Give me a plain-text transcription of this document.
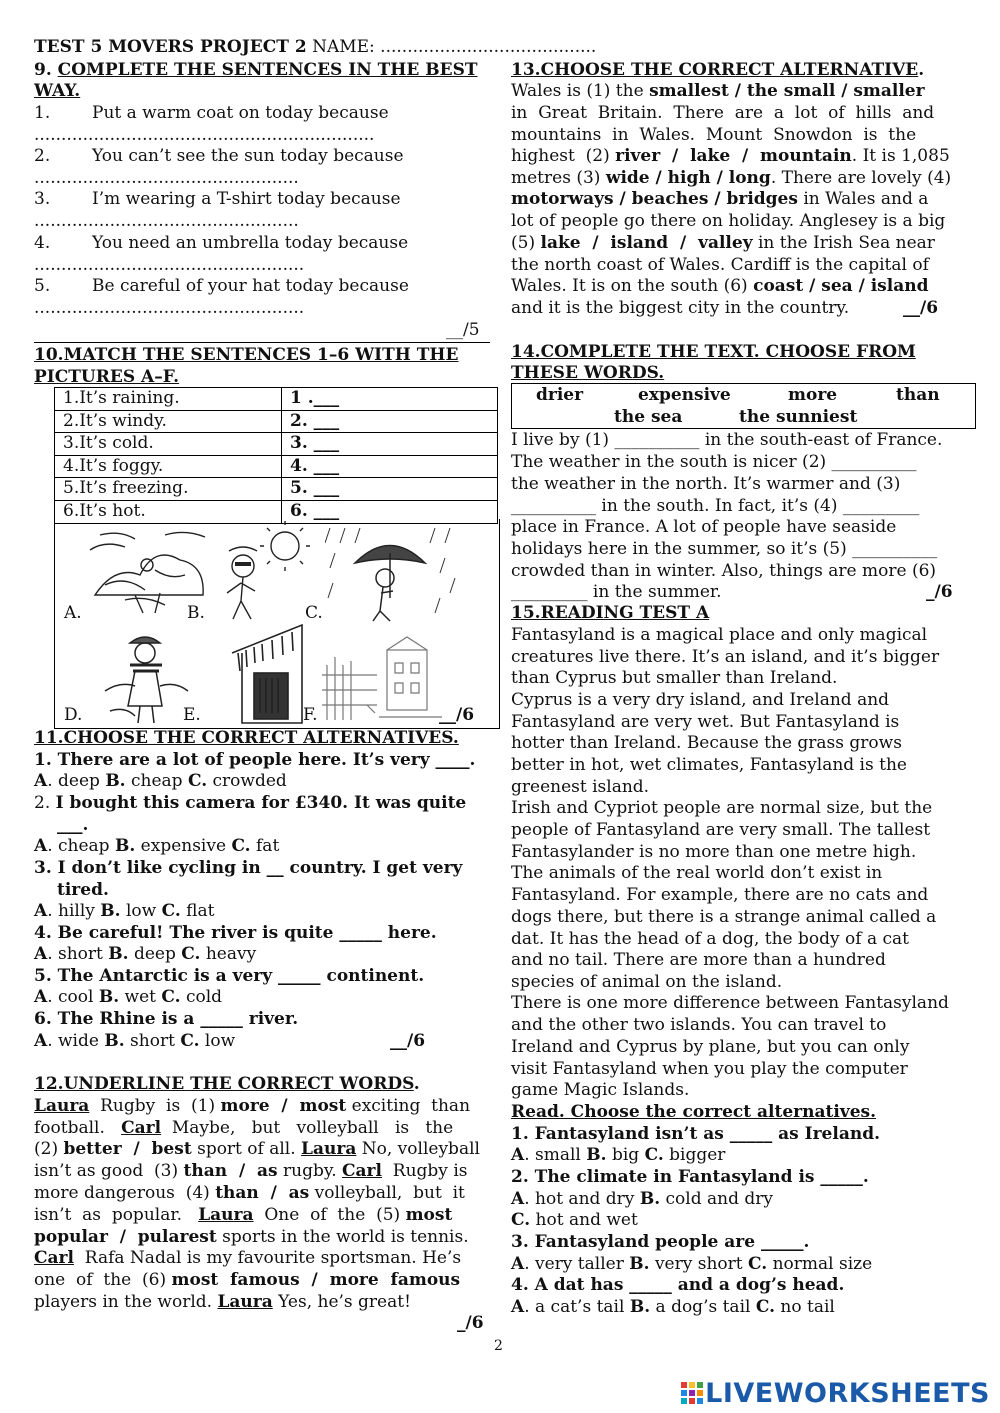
TEST 5 MOVERS PROJECT 2 NAME: ........................................
9. COMPLETE THE SENTENCES IN THE BEST
WAY.
1. Put a warm coat on today because
...............................................................
2. You can’t see the sun today because
.................................................
3. I’m wearing a T-shirt today because
.................................................
4. You need an umbrella today because
..................................................
5. Be careful of your hat today because
..................................................
__/5
10.MATCH THE SENTENCES 1–6 WITH THE
PICTURES A–F.
1.It’s raining.	1 .___
2.It’s windy.	2. ___
3.It’s cold.	3. ___
4.It’s foggy.	4. ___
5.It’s freezing.	5. ___
6.It’s hot.	6. ___
A.	B.	C.
D.	E.	F.	__/6
11.CHOOSE THE CORRECT ALTERNATIVES.
1. There are a lot of people here. It’s very ____.
A. deep B. cheap C. crowded
2. I bought this camera for £340. It was quite
___.
A. cheap B. expensive C. fat
3. I don’t like cycling in __ country. I get very
tired.
A. hilly B. low C. flat
4. Be careful! The river is quite _____ here.
A. short B. deep C. heavy
5. The Antarctic is a very _____ continent.
A. cool B. wet C. cold
6. The Rhine is a _____ river.
A. wide B. short C. low	__/6
12.UNDERLINE THE CORRECT WORDS.
Laura  Rugby  is  (1) more  /  most exciting  than
football.   Carl  Maybe,   but   volleyball   is   the
(2) better  /  best sport of all. Laura No, volleyball
isn’t as good  (3) than  /  as rugby. Carl  Rugby is
more dangerous  (4) than  /  as volleyball,  but  it
isn’t  as  popular.   Laura  One  of  the  (5) most
popular  /  pularest sports in the world is tennis.
Carl  Rafa Nadal is my favourite sportsman. He’s
one  of  the  (6) most  famous  /  more  famous
players in the world. Laura Yes, he’s great!
_/6
13.CHOOSE THE CORRECT ALTERNATIVE.
Wales is (1) the smallest / the small / smaller
in  Great  Britain.  There  are  a  lot  of  hills  and
mountains  in  Wales.  Mount  Snowdon  is  the
highest  (2) river  /  lake  /  mountain. It is 1,085
metres (3) wide / high / long. There are lovely (4)
motorways / beaches / bridges in Wales and a
lot of people go there on holiday. Anglesey is a big
(5) lake  /  island  /  valley in the Irish Sea near
the north coast of Wales. Cardiff is the capital of
Wales. It is on the south (6) coast / sea / island
and it is the biggest city in the country.	__/6
14.COMPLETE THE TEXT. CHOOSE FROM
THESE WORDS.
drier	expensive	more	than
the sea	the sunniest
I live by (1) __________ in the south-east of France.
The weather in the south is nicer (2) __________
the weather in the north. It’s warmer and (3)
__________ in the south. In fact, it’s (4) _________
place in France. A lot of people have seaside
holidays here in the summer, so it’s (5) __________
crowded than in winter. Also, things are more (6)
_________ in the summer.	_/6
15.READING TEST A
Fantasyland is a magical place and only magical
creatures live there. It’s an island, and it’s bigger
than Cyprus but smaller than Ireland.
Cyprus is a very dry island, and Ireland and
Fantasyland are very wet. But Fantasyland is
hotter than Ireland. Because the grass grows
better in hot, wet climates, Fantasyland is the
greenest island.
Irish and Cypriot people are normal size, but the
people of Fantasyland are very small. The tallest
Fantasylander is no more than one metre high.
The animals of the real world don’t exist in
Fantasyland. For example, there are no cats and
dogs there, but there is a strange animal called a
dat. It has the head of a dog, the body of a cat
and no tail. There are more than a hundred
species of animal on the island.
There is one more difference between Fantasyland
and the other two islands. You can travel to
Ireland and Cyprus by plane, but you can only
visit Fantasyland when you play the computer
game Magic Islands.
Read. Choose the correct alternatives.
1. Fantasyland isn’t as _____ as Ireland.
A. small B. big C. bigger
2. The climate in Fantasyland is _____.
A. hot and dry B. cold and dry
C. hot and wet
3. Fantasyland people are _____.
A. very taller B. very short C. normal size
4. A dat has _____ and a dog’s head.
A. a cat’s tail B. a dog’s tail C. no tail
2
LIVEWORKSHEETS
